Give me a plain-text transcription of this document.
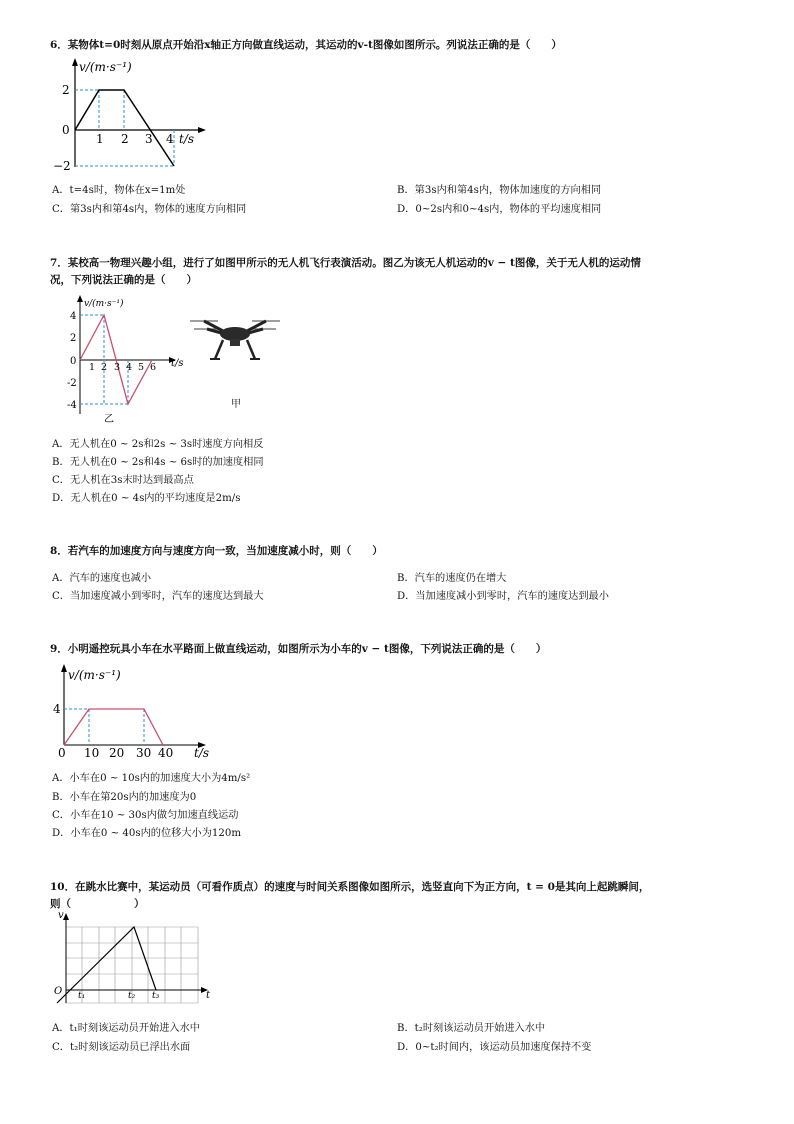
6．某物体t=0时刻从原点开始沿x轴正方向做直线运动，其运动的v-t图像如图所示。列说法正确的是（　　）
v/(m·s⁻¹)
2
0
−2
1 2 3 4 t/s
A．t=4s时，物体在x=1m处	B．第3s内和第4s内，物体加速度的方向相同
C．第3s内和第4s内，物体的速度方向相同	D．0~2s内和0~4s内，物体的平均速度相同
7．某校高一物理兴趣小组，进行了如图甲所示的无人机飞行表演活动。图乙为该无人机运动的v − t图像，关于无人机的运动情
况，下列说法正确的是（　　）
v/(m·s⁻¹)
4
2
0
-2
-4
1 2 3 4 5 6 t/s
乙
甲
A．无人机在0 ~ 2s和2s ~ 3s时速度方向相反
B．无人机在0 ~ 2s和4s ~ 6s时的加速度相同
C．无人机在3s末时达到最高点
D．无人机在0 ~ 4s内的平均速度是2m/s
8．若汽车的加速度方向与速度方向一致，当加速度减小时，则（　　）
A．汽车的速度也减小	B．汽车的速度仍在增大
C．当加速度减小到零时，汽车的速度达到最大	D．当加速度减小到零时，汽车的速度达到最小
9．小明遥控玩具小车在水平路面上做直线运动，如图所示为小车的v − t图像，下列说法正确的是（　　）
v/(m·s⁻¹)
4
0 10 20 30 40 t/s
A．小车在0 ~ 10s内的加速度大小为4m/s²
B．小车在第20s内的加速度为0
C．小车在10 ~ 30s内做匀加速直线运动
D．小车在0 ~ 40s内的位移大小为120m
10．在跳水比赛中，某运动员（可看作质点）的速度与时间关系图像如图所示，选竖直向下为正方向，t = 0是其向上起跳瞬间，
则（　　　　　　）
v
O t₁	t₂ t₃	t
A．t₁时刻该运动员开始进入水中	B．t₂时刻该运动员开始进入水中
C．t₂时刻该运动员已浮出水面	D．0~t₂时间内，该运动员加速度保持不变
